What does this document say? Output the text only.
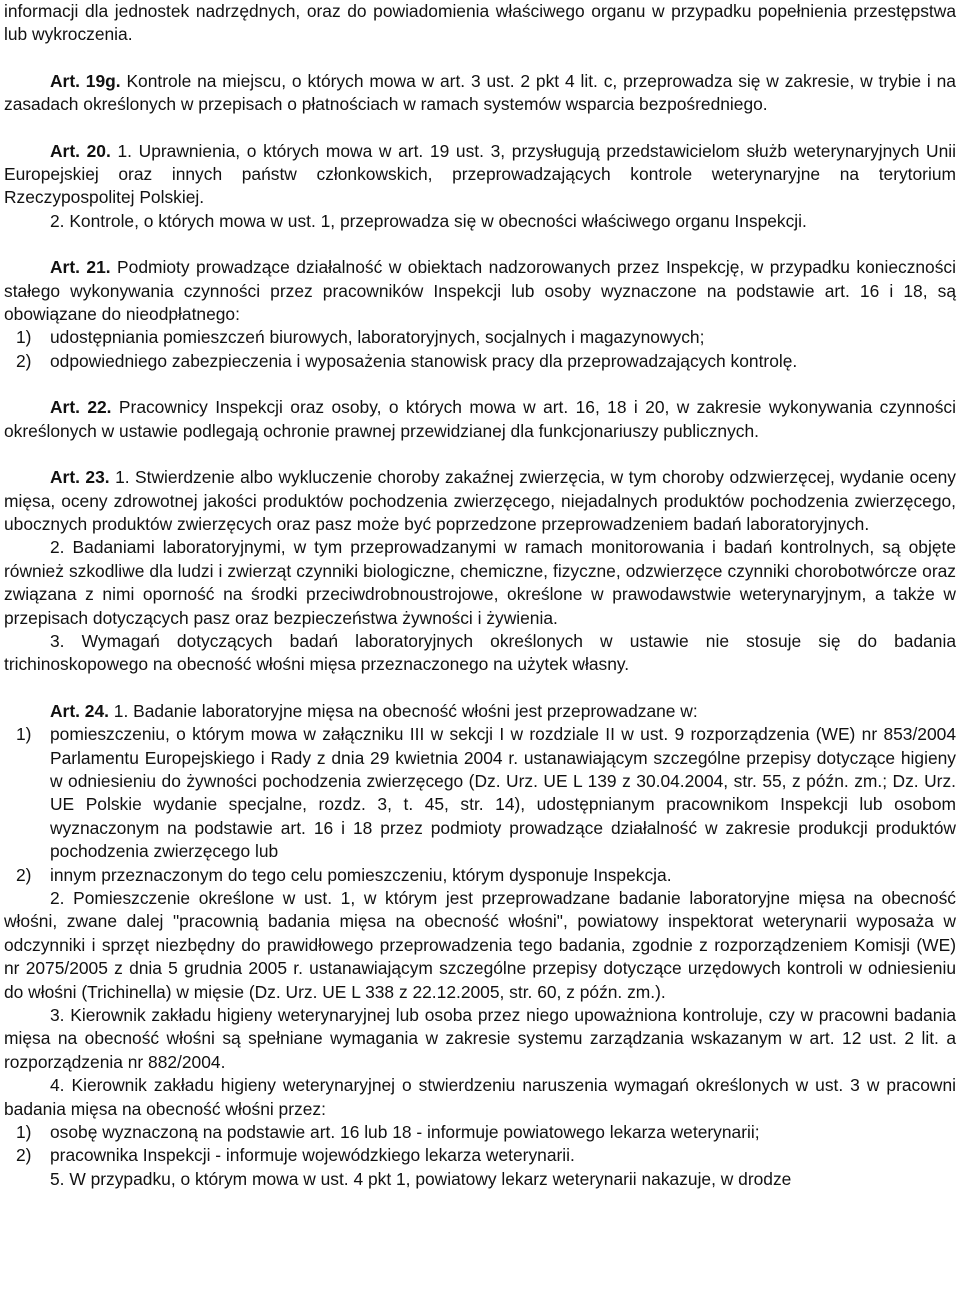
informacji dla jednostek nadrzędnych, oraz do powiadomienia właściwego organu w przypadku popełnienia przestępstwa lub wykroczenia.

Art. 19g. Kontrole na miejscu, o których mowa w art. 3 ust. 2 pkt 4 lit. c, przeprowadza się w zakresie, w trybie i na zasadach określonych w przepisach o płatnościach w ramach systemów wsparcia bezpośredniego.

Art. 20. 1. Uprawnienia, o których mowa w art. 19 ust. 3, przysługują przedstawicielom służb weterynaryjnych Unii Europejskiej oraz innych państw członkowskich, przeprowadzających kontrole weterynaryjne na terytorium Rzeczypospolitej Polskiej.

2. Kontrole, o których mowa w ust. 1, przeprowadza się w obecności właściwego organu Inspekcji.

Art. 21. Podmioty prowadzące działalność w obiektach nadzorowanych przez Inspekcję, w przypadku konieczności stałego wykonywania czynności przez pracowników Inspekcji lub osoby wyznaczone na podstawie art. 16 i 18, są obowiązane do nieodpłatnego:

1) udostępniania pomieszczeń biurowych, laboratoryjnych, socjalnych i magazynowych;

2) odpowiedniego zabezpieczenia i wyposażenia stanowisk pracy dla przeprowadzających kontrolę.

Art. 22. Pracownicy Inspekcji oraz osoby, o których mowa w art. 16, 18 i 20, w zakresie wykonywania czynności określonych w ustawie podlegają ochronie prawnej przewidzianej dla funkcjonariuszy publicznych.

Art. 23. 1. Stwierdzenie albo wykluczenie choroby zakaźnej zwierzęcia, w tym choroby odzwierzęcej, wydanie oceny mięsa, oceny zdrowotnej jakości produktów pochodzenia zwierzęcego, niejadalnych produktów pochodzenia zwierzęcego, ubocznych produktów zwierzęcych oraz pasz może być poprzedzone przeprowadzeniem badań laboratoryjnych.

2. Badaniami laboratoryjnymi, w tym przeprowadzanymi w ramach monitorowania i badań kontrolnych, są objęte również szkodliwe dla ludzi i zwierząt czynniki biologiczne, chemiczne, fizyczne, odzwierzęce czynniki chorobotwórcze oraz związana z nimi oporność na środki przeciwdrobnoustrojowe, określone w prawodawstwie weterynaryjnym, a także w przepisach dotyczących pasz oraz bezpieczeństwa żywności i żywienia.

3. Wymagań dotyczących badań laboratoryjnych określonych w ustawie nie stosuje się do badania trichinoskopowego na obecność włośni mięsa przeznaczonego na użytek własny.

Art. 24. 1. Badanie laboratoryjne mięsa na obecność włośni jest przeprowadzane w:

1) pomieszczeniu, o którym mowa w załączniku III w sekcji I w rozdziale II w ust. 9 rozporządzenia (WE) nr 853/2004 Parlamentu Europejskiego i Rady z dnia 29 kwietnia 2004 r. ustanawiającym szczególne przepisy dotyczące higieny w odniesieniu do żywności pochodzenia zwierzęcego (Dz. Urz. UE L 139 z 30.04.2004, str. 55, z późn. zm.; Dz. Urz. UE Polskie wydanie specjalne, rozdz. 3, t. 45, str. 14), udostępnianym pracownikom Inspekcji lub osobom wyznaczonym na podstawie art. 16 i 18 przez podmioty prowadzące działalność w zakresie produkcji produktów pochodzenia zwierzęcego lub

2) innym przeznaczonym do tego celu pomieszczeniu, którym dysponuje Inspekcja.

2. Pomieszczenie określone w ust. 1, w którym jest przeprowadzane badanie laboratoryjne mięsa na obecność włośni, zwane dalej "pracownią badania mięsa na obecność włośni", powiatowy inspektorat weterynarii wyposaża w odczynniki i sprzęt niezbędny do prawidłowego przeprowadzenia tego badania, zgodnie z rozporządzeniem Komisji (WE) nr 2075/2005 z dnia 5 grudnia 2005 r. ustanawiającym szczególne przepisy dotyczące urzędowych kontroli w odniesieniu do włośni (Trichinella) w mięsie (Dz. Urz. UE L 338 z 22.12.2005, str. 60, z późn. zm.).

3. Kierownik zakładu higieny weterynaryjnej lub osoba przez niego upoważniona kontroluje, czy w pracowni badania mięsa na obecność włośni są spełniane wymagania w zakresie systemu zarządzania wskazanym w art. 12 ust. 2 lit. a rozporządzenia nr 882/2004.

4. Kierownik zakładu higieny weterynaryjnej o stwierdzeniu naruszenia wymagań określonych w ust. 3 w pracowni badania mięsa na obecność włośni przez:

1) osobę wyznaczoną na podstawie art. 16 lub 18 - informuje powiatowego lekarza weterynarii;

2) pracownika Inspekcji - informuje wojewódzkiego lekarza weterynarii.

5. W przypadku, o którym mowa w ust. 4 pkt 1, powiatowy lekarz weterynarii nakazuje, w drodze
